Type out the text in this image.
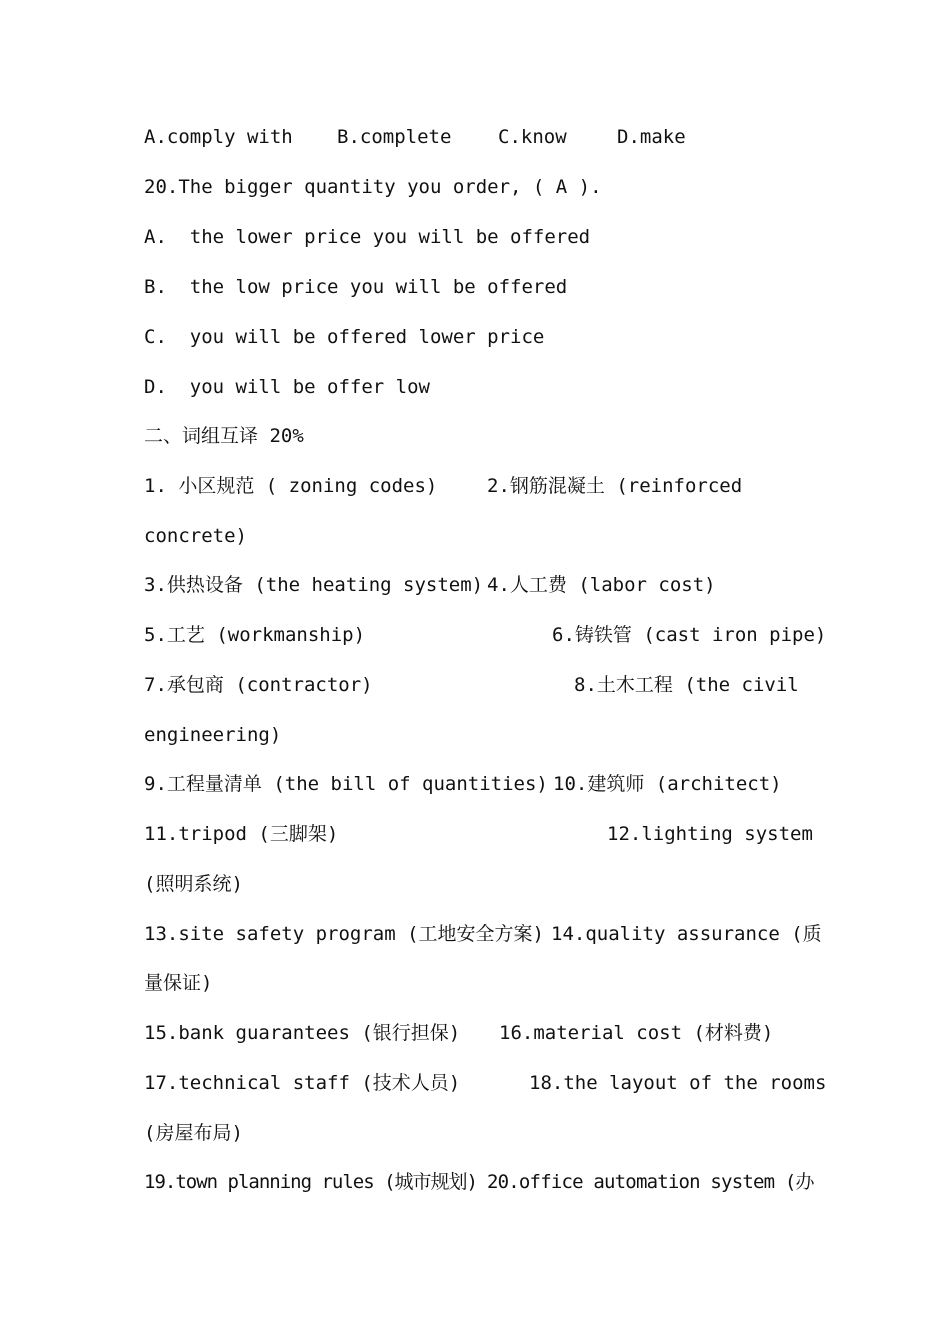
A.comply with

B.complete

C.know

	D.make

20.The bigger quantity you order, ( A ).
A.  the lower price you will be offered
B.  the low price you will be offered
C.  you will be offered lower price
D.  you will be offer low
二、词组互译 20%

1. 小区规范 ( zoning codes)

	2.钢筋混凝土 (reinforced

concrete)

3.供热设备 (the heating system)

4.人工费 (labor cost)

5.工艺 (workmanship)

	6.铸铁管 (cast iron pipe)

7.承包商 (contractor)

	8.土木工程 (the civil

engineering)

9.工程量清单 (the bill of quantities)

10.建筑师 (architect)

11.tripod (三脚架)

	12.lighting system

(照明系统)

13.site safety program (工地安全方案)

14.quality assurance (质

量保证)

15.bank guarantees (银行担保)

16.material cost (材料费)

17.technical staff (技术人员)

	18.the layout of the rooms

(房屋布局)

19.town planning rules (城市规划)

20.office automation system (办
